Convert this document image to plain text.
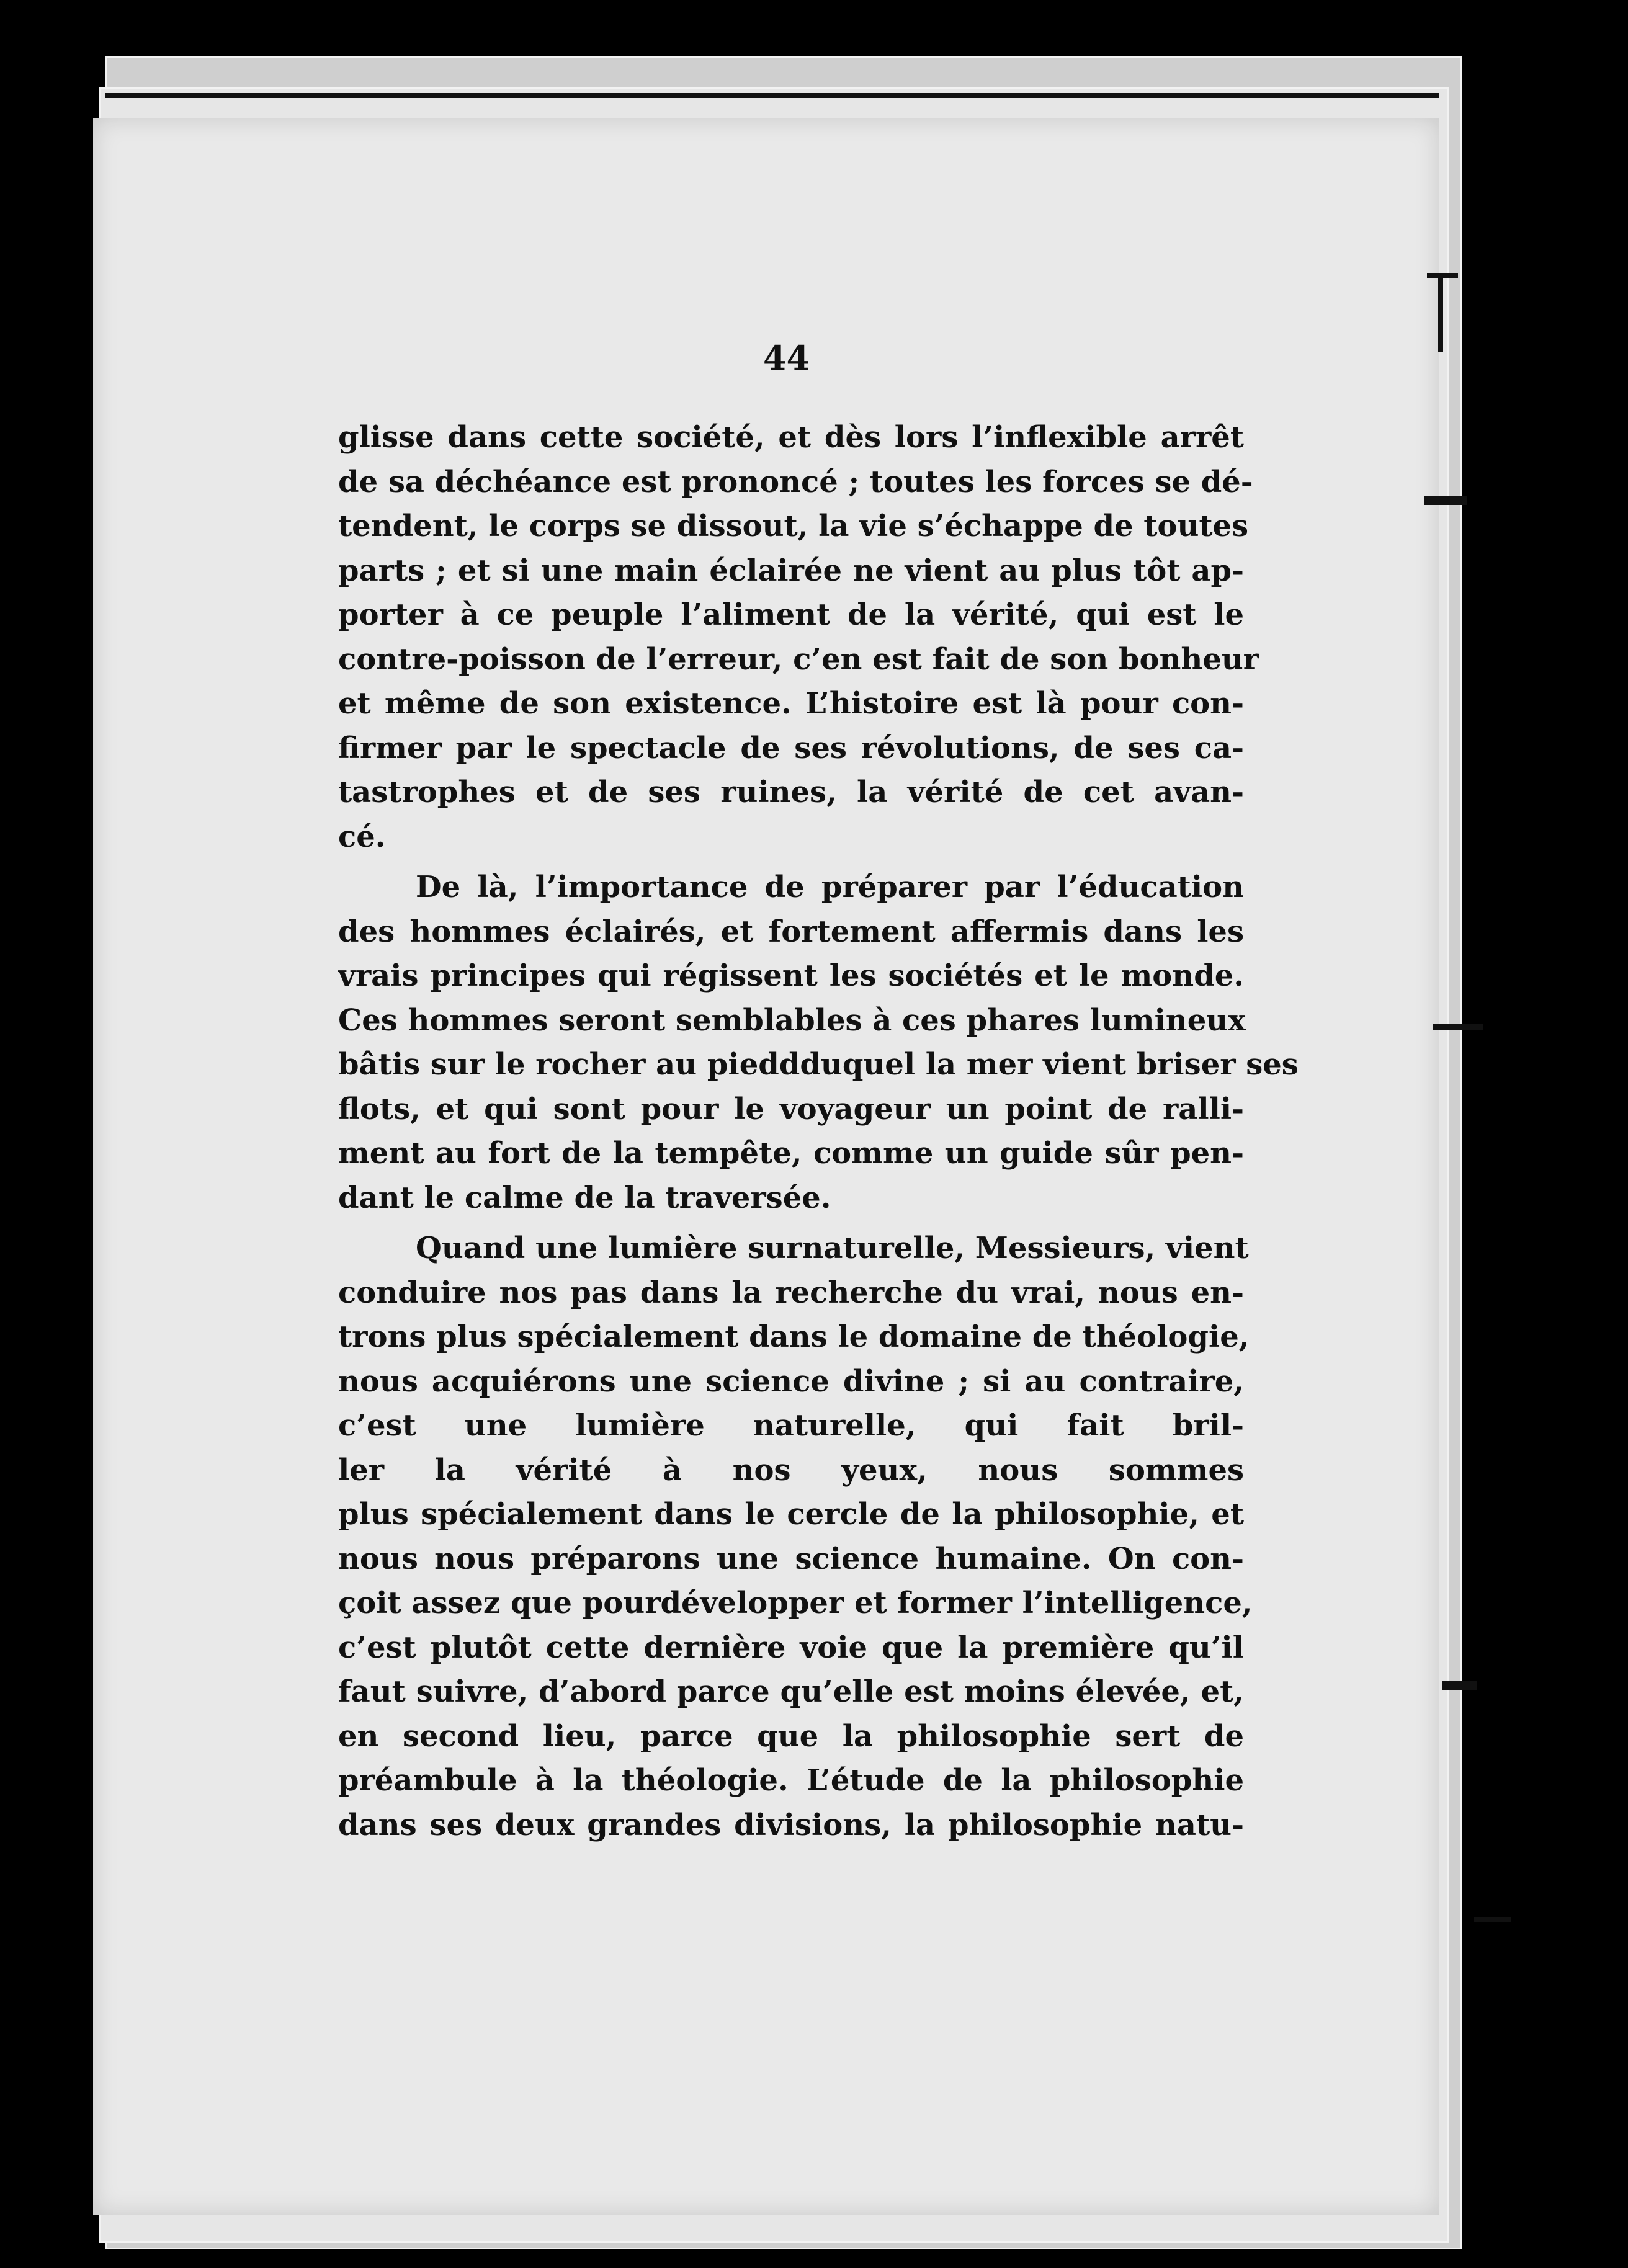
44
glisse dans cette société, et dès lors l’inflexible arrêt
de sa déchéance est prononcé ; toutes les forces se dé-
tendent, le corps se dissout, la vie s’échappe de toutes
parts ; et si une main éclairée ne vient au plus tôt ap-
porter à ce peuple l’aliment de la vérité, qui est le
contre-poisson de l’erreur, c’en est fait de son bonheur
et même de son existence. L’histoire est là pour con-
firmer par le spectacle de ses révolutions, de ses ca-
tastrophes et de ses ruines, la vérité de cet avan-
cé.
De là, l’importance de préparer par l’éducation
des hommes éclairés, et fortement affermis dans les
vrais principes qui régissent les sociétés et le monde.
Ces hommes seront semblables à ces phares lumineux
bâtis sur le rocher au pieddduquel la mer vient briser ses
flots, et qui sont pour le voyageur un point de ralli-
ment au fort de la tempête, comme un guide sûr pen-
dant le calme de la traversée.
Quand une lumière surnaturelle, Messieurs, vient
conduire nos pas dans la recherche du vrai, nous en-
trons plus spécialement dans le domaine de théologie,
nous acquiérons une science divine ; si au contraire,
c’est une lumière naturelle, qui fait bril-
ler la vérité à nos yeux, nous sommes
plus spécialement dans le cercle de la philosophie, et
nous nous préparons une science humaine. On con-
çoit assez que pourdévelopper et former l’intelligence,
c’est plutôt cette dernière voie que la première qu’il
faut suivre, d’abord parce qu’elle est moins élevée, et,
en second lieu, parce que la philosophie sert de
préambule à la théologie. L’étude de la philosophie
dans ses deux grandes divisions, la philosophie natu-
